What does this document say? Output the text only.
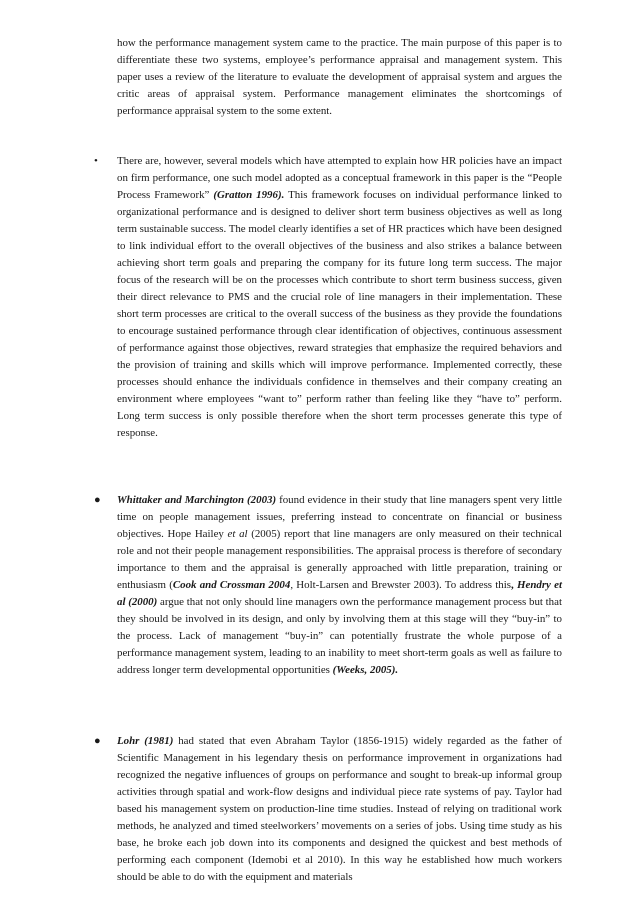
how the performance management system came to the practice. The main purpose of this paper is to differentiate these two systems, employee’s performance appraisal and management system. This paper uses a review of the literature to evaluate the development of appraisal system and argues the critic areas of appraisal system. Performance management eliminates the shortcomings of performance appraisal system to the some extent.

• There are, however, several models which have attempted to explain how HR policies have an impact on firm performance, one such model adopted as a conceptual framework in this paper is the “People Process Framework” (Gratton 1996). This framework focuses on individual performance linked to organizational performance and is designed to deliver short term business objectives as well as long term sustainable success. The model clearly identifies a set of HR practices which have been designed to link individual effort to the overall objectives of the business and also strikes a balance between achieving short term goals and preparing the company for its future long term success. The major focus of the research will be on the processes which contribute to short term business success, given their direct relevance to PMS and the crucial role of line managers in their implementation. These short term processes are critical to the overall success of the business as they provide the foundations to encourage sustained performance through clear identification of objectives, continuous assessment of performance against those objectives, reward strategies that emphasize the required behaviors and the provision of training and skills which will improve performance. Implemented correctly, these processes should enhance the individuals confidence in themselves and their company creating an environment where employees “want to” perform rather than feeling like they “have to” perform. Long term success is only possible therefore when the short term processes generate this type of response.

● Whittaker and Marchington (2003) found evidence in their study that line managers spent very little time on people management issues, preferring instead to concentrate on financial or business objectives. Hope Hailey et al (2005) report that line managers are only measured on their technical role and not their people management responsibilities. The appraisal process is therefore of secondary importance to them and the appraisal is generally approached with little preparation, training or enthusiasm (Cook and Crossman 2004, Holt-Larsen and Brewster 2003). To address this, Hendry et al (2000) argue that not only should line managers own the performance management process but that they should be involved in its design, and only by involving them at this stage will they “buy-in” to the process. Lack of management “buy-in” can potentially frustrate the whole purpose of a performance management system, leading to an inability to meet short-term goals as well as failure to address longer term developmental opportunities (Weeks, 2005).

● Lohr (1981) had stated that even Abraham Taylor (1856-1915) widely regarded as the father of Scientific Management in his legendary thesis on performance improvement in organizations had recognized the negative influences of groups on performance and sought to break-up informal group activities through spatial and work-flow designs and individual piece rate systems of pay. Taylor had based his management system on production-line time studies. Instead of relying on traditional work methods, he analyzed and timed steelworkers’ movements on a series of jobs. Using time study as his base, he broke each job down into its components and designed the quickest and best methods of performing each component (Idemobi et al 2010). In this way he established how much workers should be able to do with the equipment and materials
